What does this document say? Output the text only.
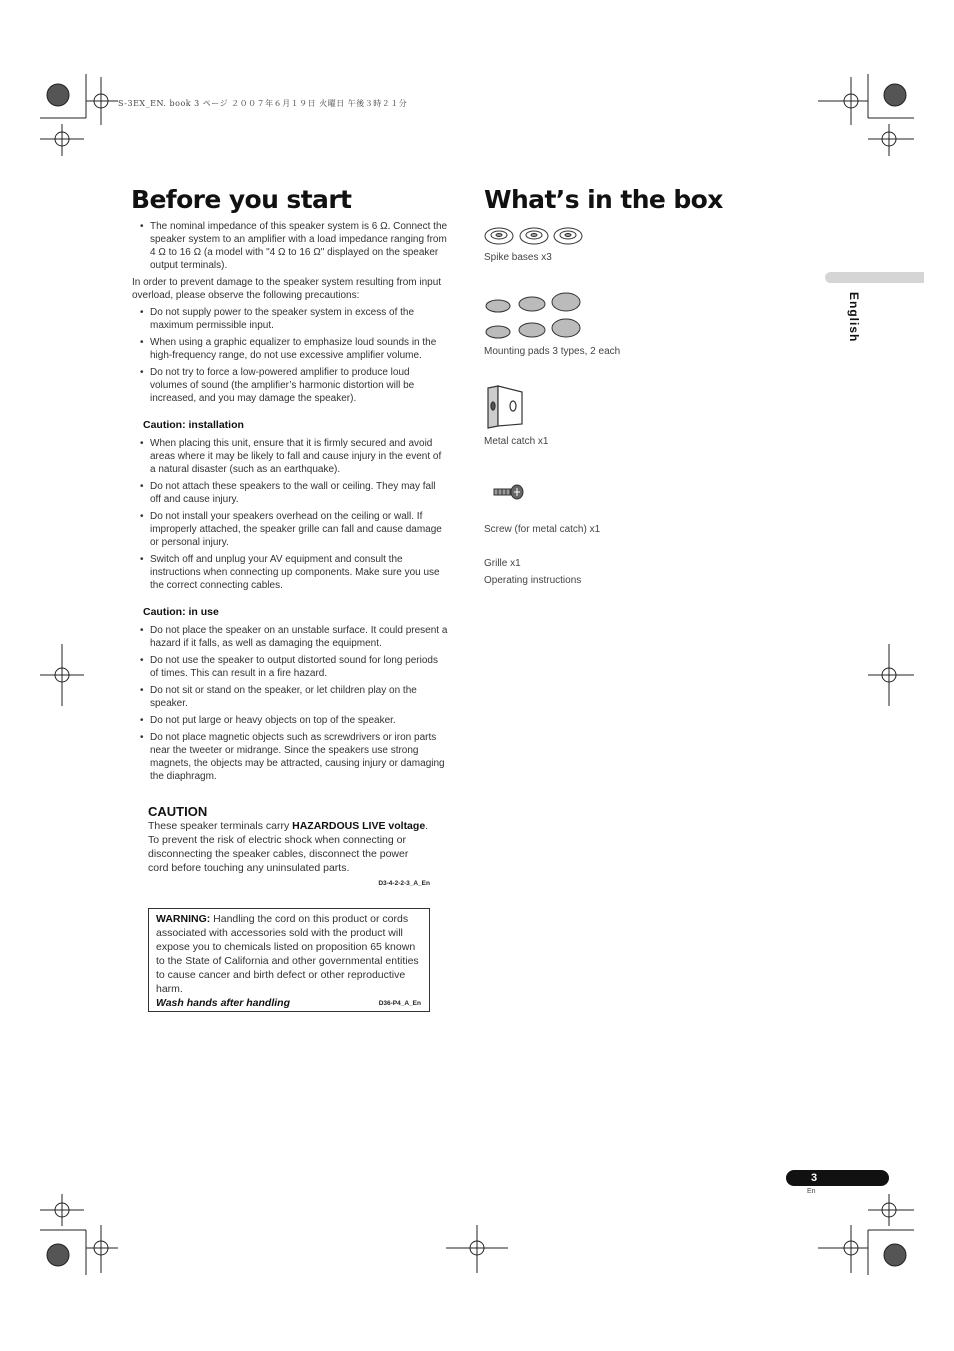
S-3EX_EN. book 3 ページ ２００７年６月１９日 火曜日 午後３時２１分
Before you start
• The nominal impedance of this speaker system is 6 Ω. Connect the speaker system to an amplifier with a load impedance ranging from 4 Ω to 16 Ω (a model with "4 Ω to 16 Ω" displayed on the speaker output terminals).

In order to prevent damage to the speaker system resulting from input overload, please observe the following precautions:

• Do not supply power to the speaker system in excess of the maximum permissible input.
• When using a graphic equalizer to emphasize loud sounds in the high-frequency range, do not use excessive amplifier volume.
• Do not try to force a low-powered amplifier to produce loud volumes of sound (the amplifier’s harmonic distortion will be increased, and you may damage the speaker).
Caution: installation
• When placing this unit, ensure that it is firmly secured and avoid areas where it may be likely to fall and cause injury in the event of a natural disaster (such as an earthquake).
• Do not attach these speakers to the wall or ceiling. They may fall off and cause injury.
• Do not install your speakers overhead on the ceiling or wall. If improperly attached, the speaker grille can fall and cause damage or personal injury.
• Switch off and unplug your AV equipment and consult the instructions when connecting up components. Make sure you use the correct connecting cables.
Caution: in use
• Do not place the speaker on an unstable surface. It could present a hazard if it falls, as well as damaging the equipment.
• Do not use the speaker to output distorted sound for long periods of times. This can result in a fire hazard.
• Do not sit or stand on the speaker, or let children play on the speaker.
• Do not put large or heavy objects on top of the speaker.
• Do not place magnetic objects such as screwdrivers or iron parts near the tweeter or midrange. Since the speakers use strong magnets, the objects may be attracted, causing injury or damaging the diaphragm.
CAUTION

These speaker terminals carry HAZARDOUS LIVE voltage. To prevent the risk of electric shock when connecting or disconnecting the speaker cables, disconnect the power cord before touching any uninsulated parts.

D3-4-2-2-3_A_En

WARNING: Handling the cord on this product or cords associated with accessories sold with the product will expose you to chemicals listed on proposition 65 known to the State of California and other governmental entities to cause cancer and birth defect or other reproductive harm.

Wash hands after handling	D36-P4_A_En
What’s in the box
Spike bases x3
Mounting pads 3 types, 2 each
Metal catch x1
Screw (for metal catch) x1
Grille x1
Operating instructions
English
3
En
